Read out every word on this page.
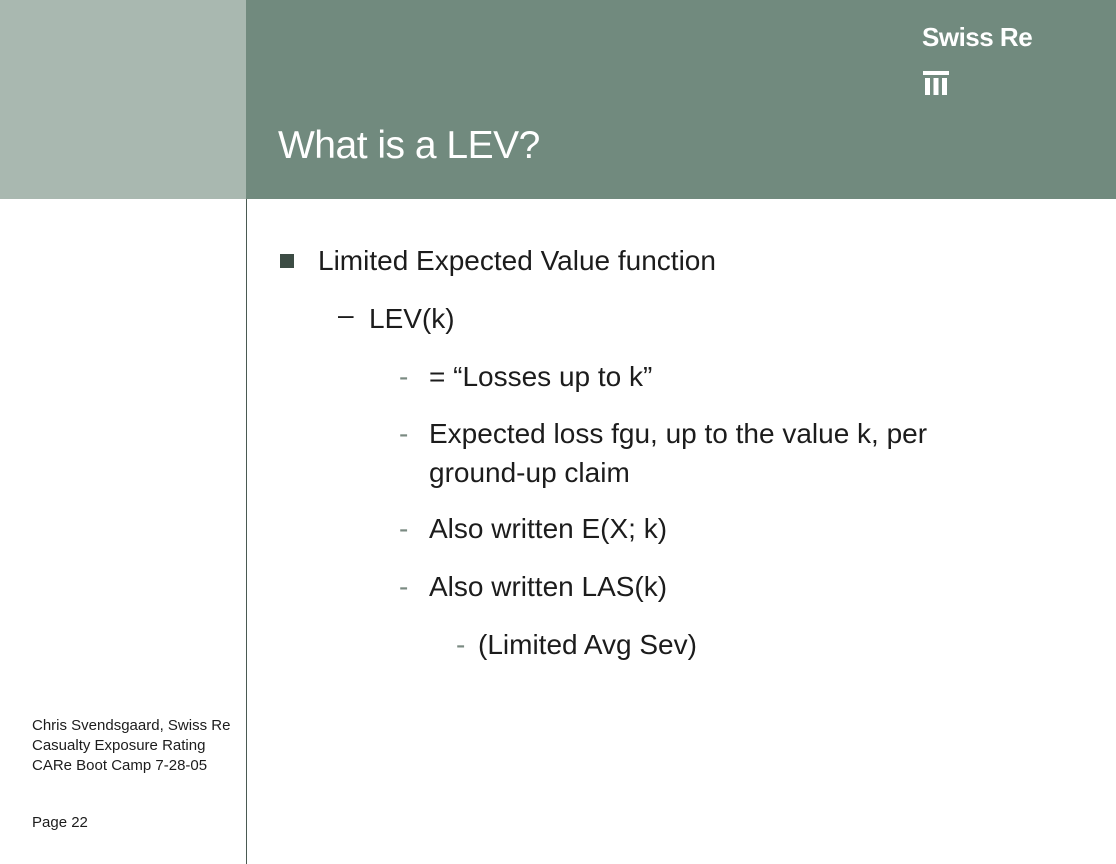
Swiss Re
What is a LEV?
Limited Expected Value function
– LEV(k)
- = “Losses up to k”
- Expected loss fgu, up to the value k, per
ground-up claim
- Also written E(X; k)
- Also written LAS(k)
- (Limited Avg Sev)
Chris Svendsgaard, Swiss Re
Casualty Exposure Rating
CARe Boot Camp 7-28-05
Page 22
